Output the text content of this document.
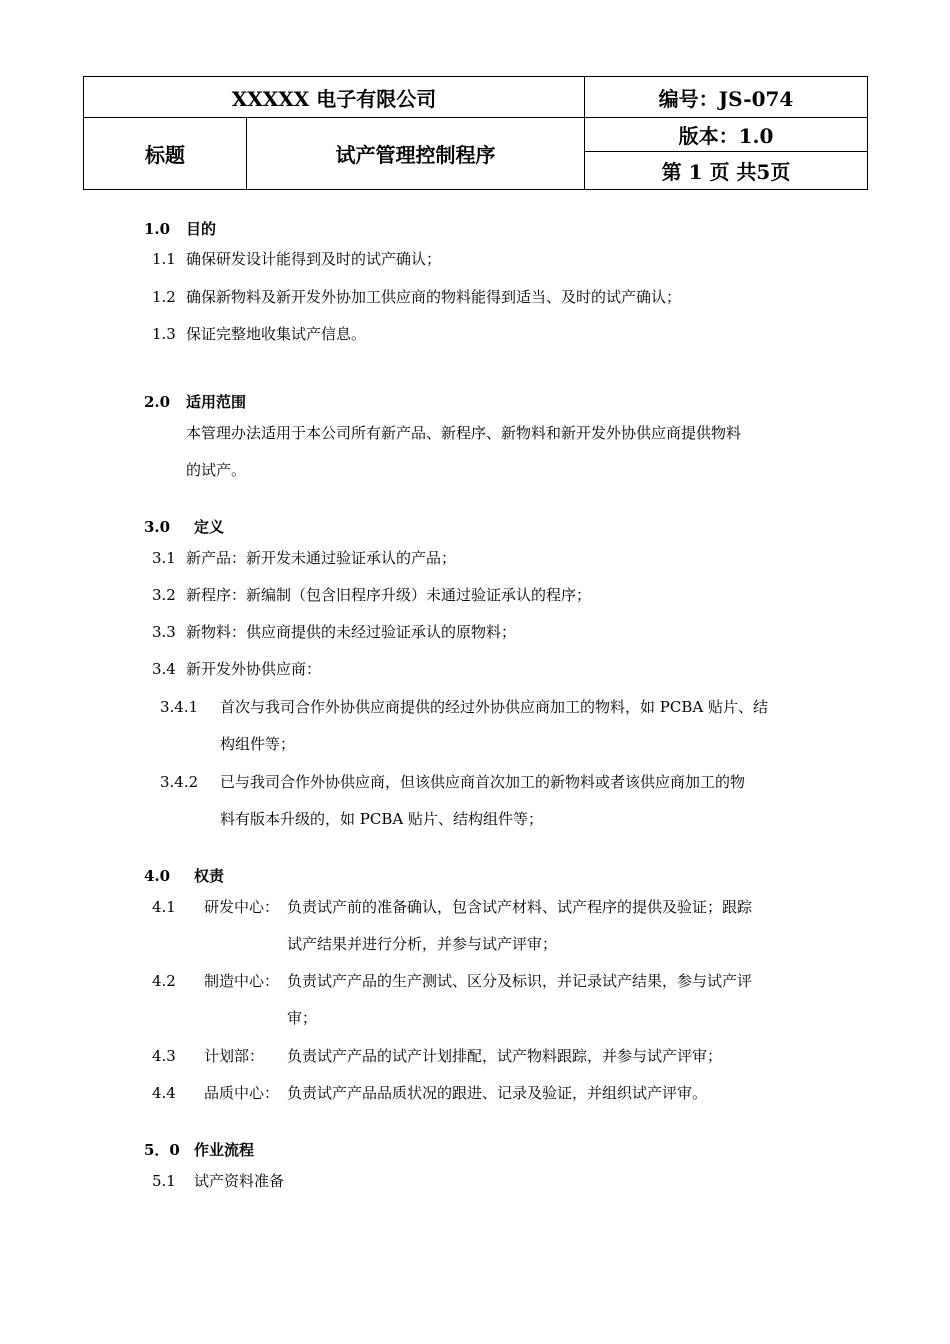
XXXXX 电子有限公司		编号：JS-074
标题	试产管理控制程序	版本：1.0
		第 1 页 共5页
1.0 目的
1.1 确保研发设计能得到及时的试产确认；
1.2 确保新物料及新开发外协加工供应商的物料能得到适当、及时的试产确认；
1.3 保证完整地收集试产信息。
2.0 适用范围
本管理办法适用于本公司所有新产品、新程序、新物料和新开发外协供应商提供物料
的试产。
3.0 定义
3.1 新产品：新开发未通过验证承认的产品；
3.2 新程序：新编制（包含旧程序升级）未通过验证承认的程序；
3.3 新物料：供应商提供的未经过验证承认的原物料；
3.4 新开发外协供应商：
3.4.1 首次与我司合作外协供应商提供的经过外协供应商加工的物料，如 PCBA 贴片、结
构组件等；
3.4.2 已与我司合作外协供应商，但该供应商首次加工的新物料或者该供应商加工的物
料有版本升级的，如 PCBA 贴片、结构组件等；
4.0 权责
4.1 研发中心： 负责试产前的准备确认，包含试产材料、试产程序的提供及验证；跟踪
试产结果并进行分析，并参与试产评审；
4.2 制造中心： 负责试产产品的生产测试、区分及标识，并记录试产结果，参与试产评
审；
4.3 计划部： 负责试产产品的试产计划排配，试产物料跟踪，并参与试产评审；
4.4 品质中心： 负责试产产品品质状况的跟进、记录及验证，并组织试产评审。
5．0 作业流程
5.1 试产资料准备
